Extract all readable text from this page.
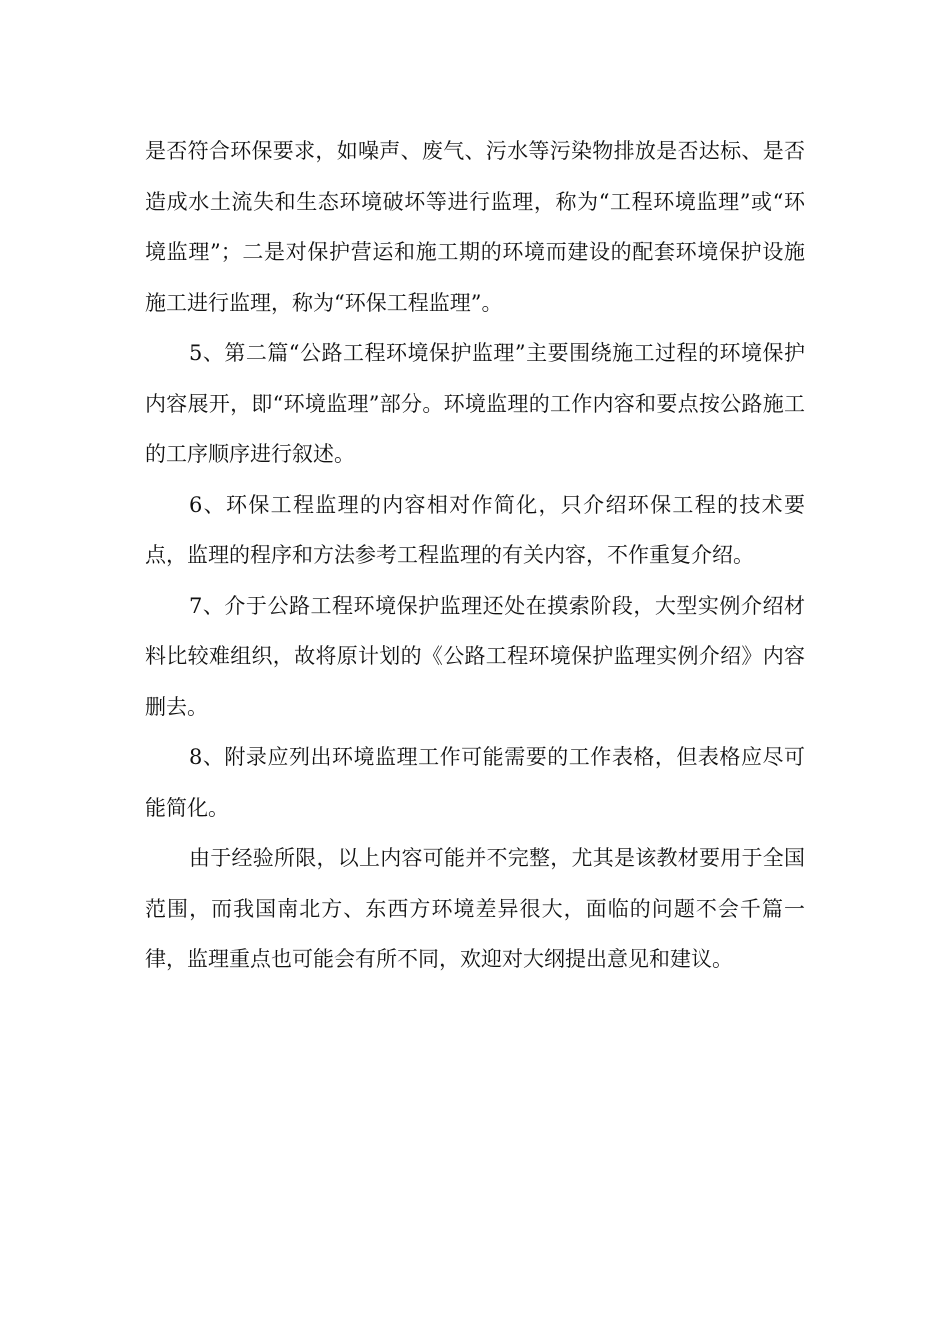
是否符合环保要求，如噪声、废气、污水等污染物排放是否达标、是否造成水土流失和生态环境破坏等进行监理，称为“工程环境监理”或“环境监理”；二是对保护营运和施工期的环境而建设的配套环境保护设施施工进行监理，称为“环保工程监理”。

5、第二篇“公路工程环境保护监理”主要围绕施工过程的环境保护内容展开，即“环境监理”部分。环境监理的工作内容和要点按公路施工的工序顺序进行叙述。

6、环保工程监理的内容相对作简化，只介绍环保工程的技术要点，监理的程序和方法参考工程监理的有关内容，不作重复介绍。

7、介于公路工程环境保护监理还处在摸索阶段，大型实例介绍材料比较难组织，故将原计划的《公路工程环境保护监理实例介绍》内容删去。

8、附录应列出环境监理工作可能需要的工作表格，但表格应尽可能简化。

由于经验所限，以上内容可能并不完整，尤其是该教材要用于全国范围，而我国南北方、东西方环境差异很大，面临的问题不会千篇一律，监理重点也可能会有所不同，欢迎对大纲提出意见和建议。
